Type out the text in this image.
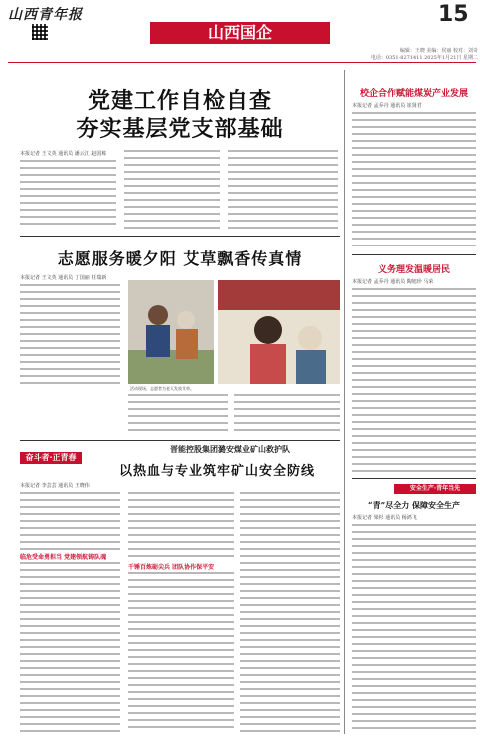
山西青年报
山西国企
15
编辑：王晓 美编：侯丽 校对：刘奇
电话：0351-8271411 2025年1月21日 星期二
党建工作自检自查
夯实基层党支部基础
本报记者 王文英 通讯员 潘云江 赵国栋
志愿服务暖夕阳 艾草飘香传真情
本报记者 王文英 通讯员 丁国丽 任瑞新
活动现场，志愿者为老人发放艾草。
晋能控股集团潞安煤业矿山救护队
奋斗者·正青春
以热血与专业筑牢矿山安全防线
本报记者 李芸芸 通讯员 王晓伟
临危受命勇担当 党建领航铸队魂
千锤百炼砺尖兵 团队协作保平安
校企合作赋能煤炭产业发展
本报记者 孟乔丹 通讯员 崔贤君
义务理发温暖居民
本报记者 孟乔丹 通讯员 陶旭珍 马荣
安全生产·青年当先
“青”尽全力 保障安全生产
本报记者 梁杉 通讯员 杨鸿飞
